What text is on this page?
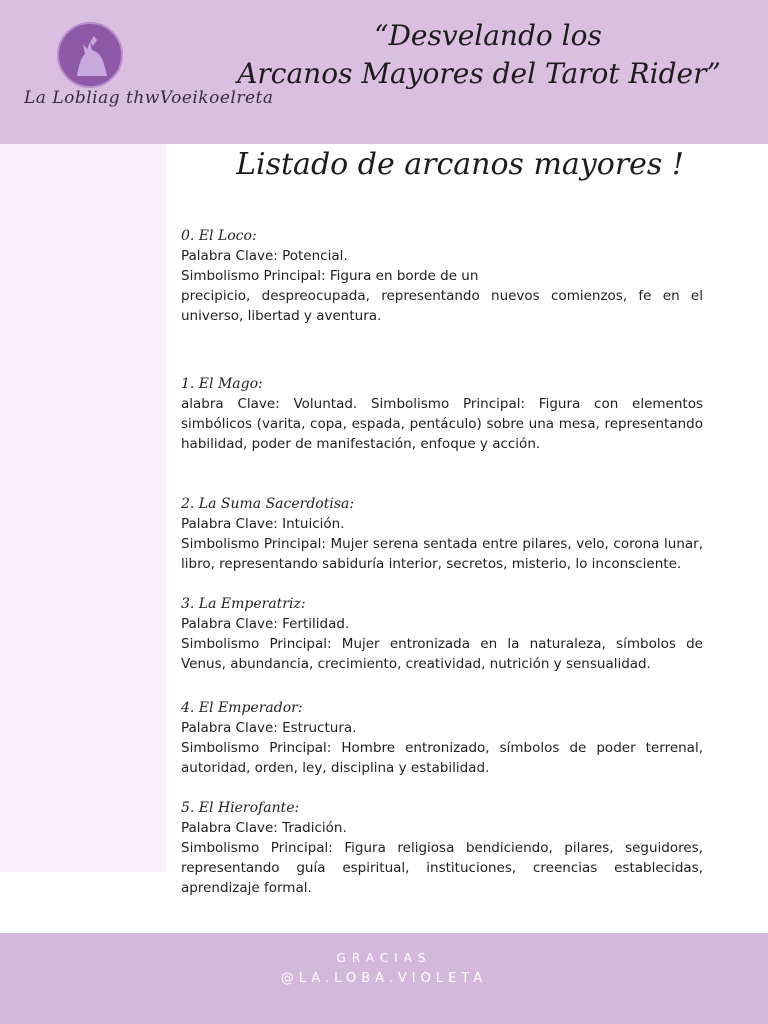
La Lobliag thwVoeikoelreta
“Desvelando los
Arcanos Mayores del Tarot Rider”
Listado de arcanos mayores !
0. El Loco:

Palabra Clave: Potencial.

Simbolismo Principal: Figura en borde de un

precipicio, despreocupada, representando nuevos comienzos, fe en el universo, libertad y aventura.

1. El Mago:

alabra Clave: Voluntad. Simbolismo Principal: Figura con elementos simbólicos (varita, copa, espada, pentáculo) sobre una mesa, representando habilidad, poder de manifestación, enfoque y acción.

2. La Suma Sacerdotisa:

Palabra Clave: Intuición.

Simbolismo Principal: Mujer serena sentada entre pilares, velo, corona lunar, libro, representando sabiduría interior, secretos, misterio, lo inconsciente.

3. La Emperatriz:

Palabra Clave: Fertilidad.

Simbolismo Principal: Mujer entronizada en la naturaleza, símbolos de Venus, abundancia, crecimiento, creatividad, nutrición y sensualidad.

4. El Emperador:

Palabra Clave: Estructura.

Simbolismo Principal: Hombre entronizado, símbolos de poder terrenal, autoridad, orden, ley, disciplina y estabilidad.

5. El Hierofante:

Palabra Clave: Tradición.

Simbolismo Principal: Figura religiosa bendiciendo, pilares, seguidores, representando guía espiritual, instituciones, creencias establecidas, aprendizaje formal.

GRACIAS
@LA.LOBA.VIOLETA
